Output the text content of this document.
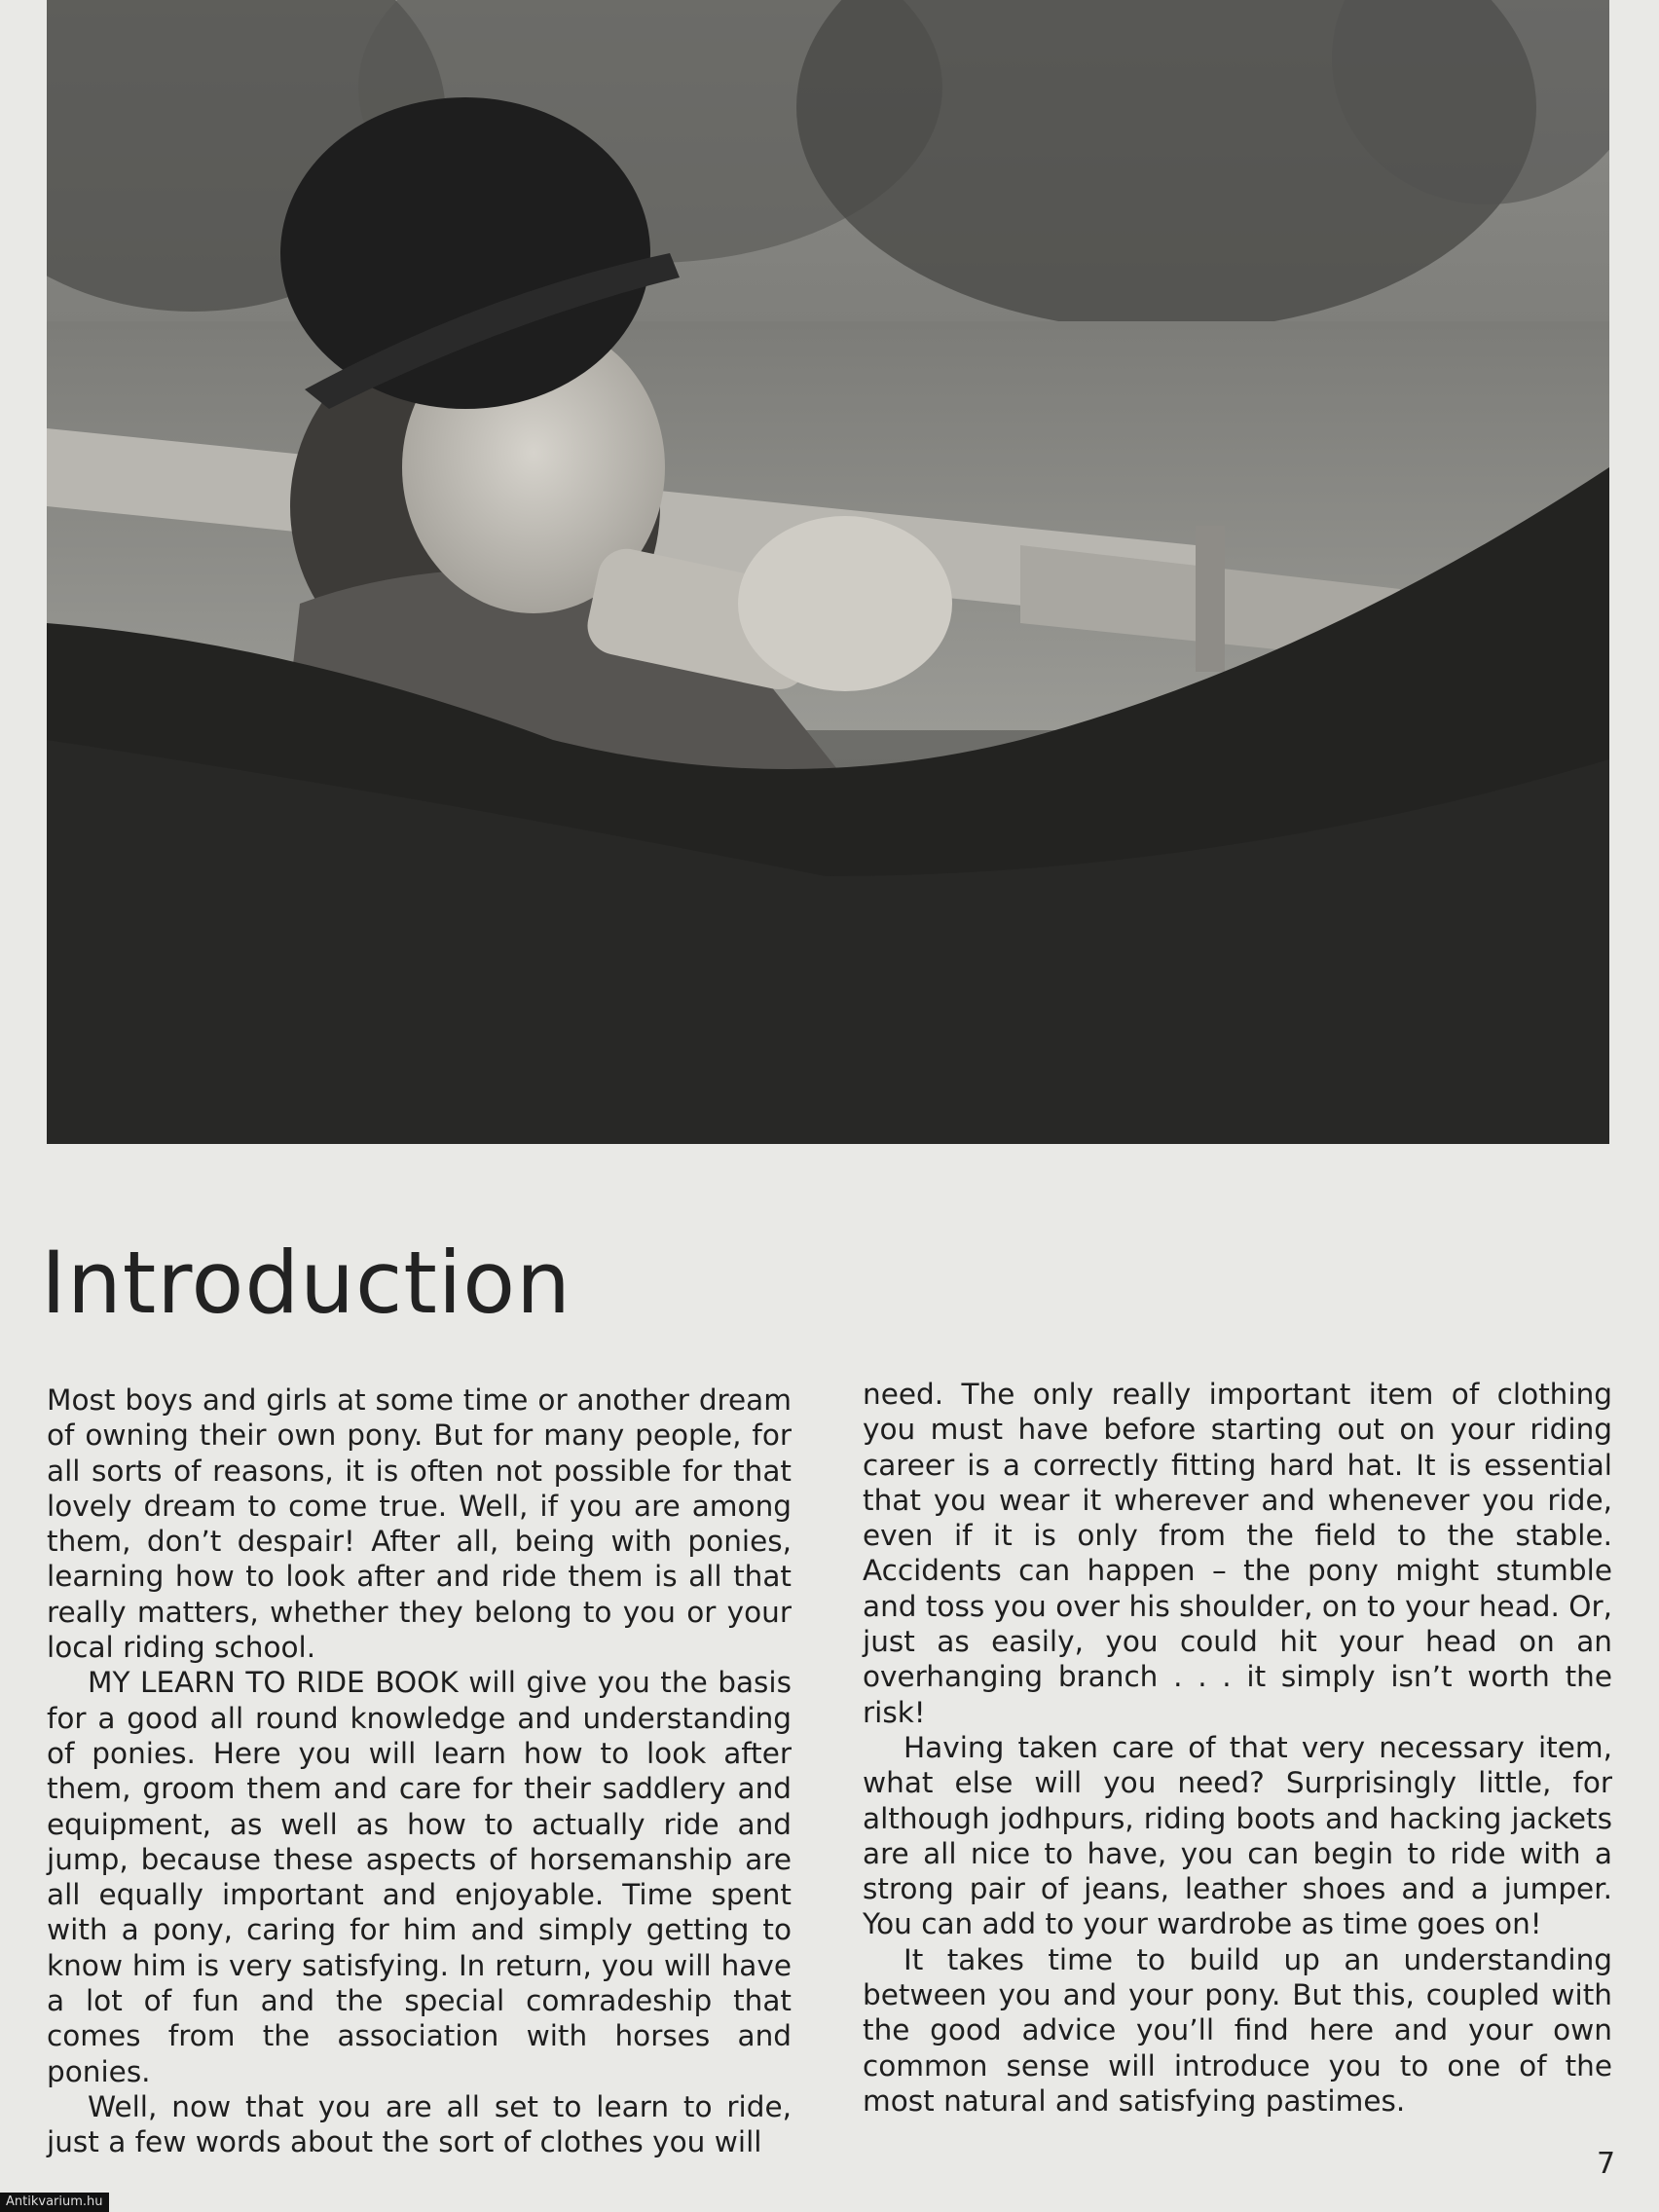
Introduction

Most boys and girls at some time or another dream of owning their own pony. But for many people, for all sorts of reasons, it is often not possible for that lovely dream to come true. Well, if you are among them, don’t despair! After all, being with ponies, learning how to look after and ride them is all that really matters, whether they belong to you or your local riding school.

MY LEARN TO RIDE BOOK will give you the basis for a good all round knowledge and understanding of ponies. Here you will learn how to look after them, groom them and care for their saddlery and equipment, as well as how to actually ride and jump, because these aspects of horsemanship are all equally important and enjoyable. Time spent with a pony, caring for him and simply getting to know him is very satisfying. In return, you will have a lot of fun and the special comradeship that comes from the association with horses and ponies.

Well, now that you are all set to learn to ride, just a few words about the sort of clothes you will

need. The only really important item of clothing you must have before starting out on your riding career is a correctly fitting hard hat. It is essential that you wear it wherever and whenever you ride, even if it is only from the field to the stable. Accidents can happen – the pony might stumble and toss you over his shoulder, on to your head. Or, just as easily, you could hit your head on an overhanging branch . . . it simply isn’t worth the risk!

Having taken care of that very necessary item, what else will you need? Surprisingly little, for although jodhpurs, riding boots and hacking jackets are all nice to have, you can begin to ride with a strong pair of jeans, leather shoes and a jumper. You can add to your wardrobe as time goes on!

It takes time to build up an understanding between you and your pony. But this, coupled with the good advice you’ll find here and your own common sense will introduce you to one of the most natural and satisfying pastimes.

7
Antikvarium.hu
